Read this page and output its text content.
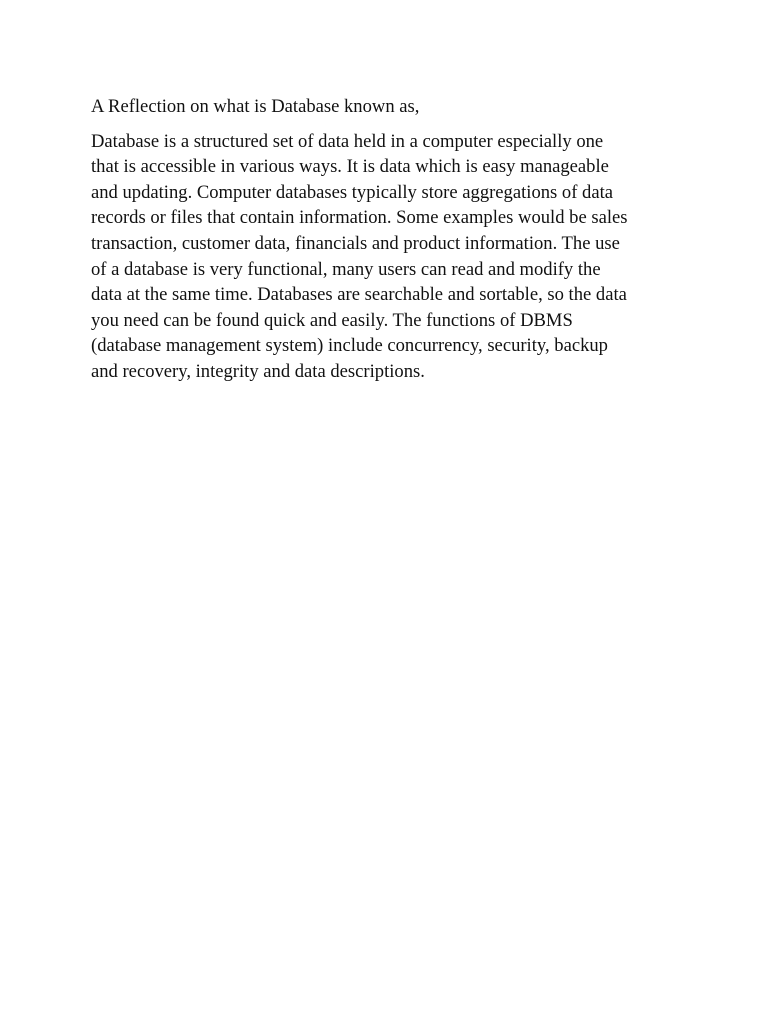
A Reflection on what is Database known as,

Database is a structured set of data held in a computer especially one
that is accessible in various ways. It is data which is easy manageable
and updating. Computer databases typically store aggregations of data
records or files that contain information. Some examples would be sales
transaction, customer data, financials and product information. The use
of a database is very functional, many users can read and modify the
data at the same time. Databases are searchable and sortable, so the data
you need can be found quick and easily. The functions of DBMS
(database management system) include concurrency, security, backup
and recovery, integrity and data descriptions.
